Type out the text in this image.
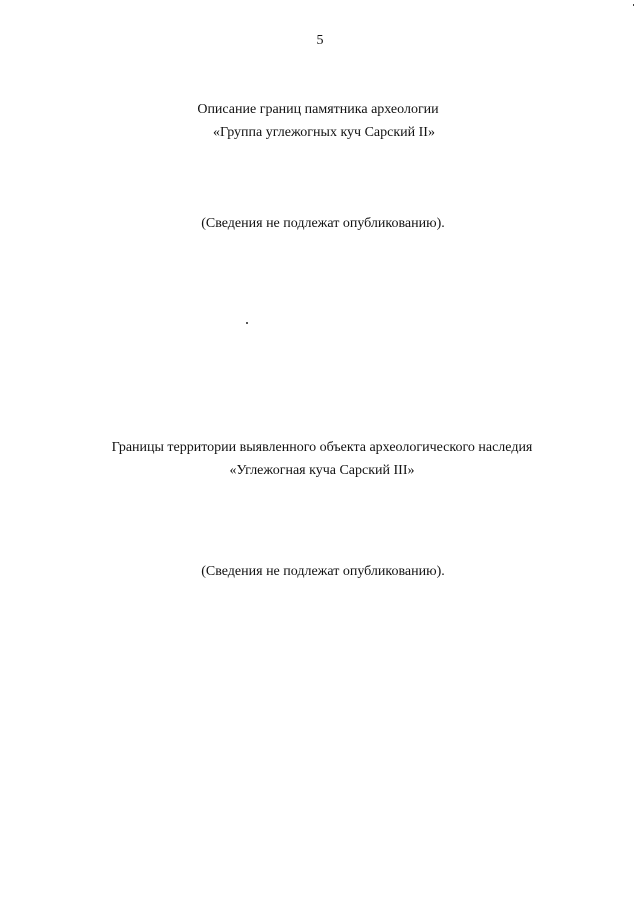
5
Описание границ памятника археологии
«Группа углежогных куч Сарский II»
(Сведения не подлежат опубликованию).
Границы территории выявленного объекта археологического наследия
«Углежогная куча Сарский III»
(Сведения не подлежат опубликованию).
